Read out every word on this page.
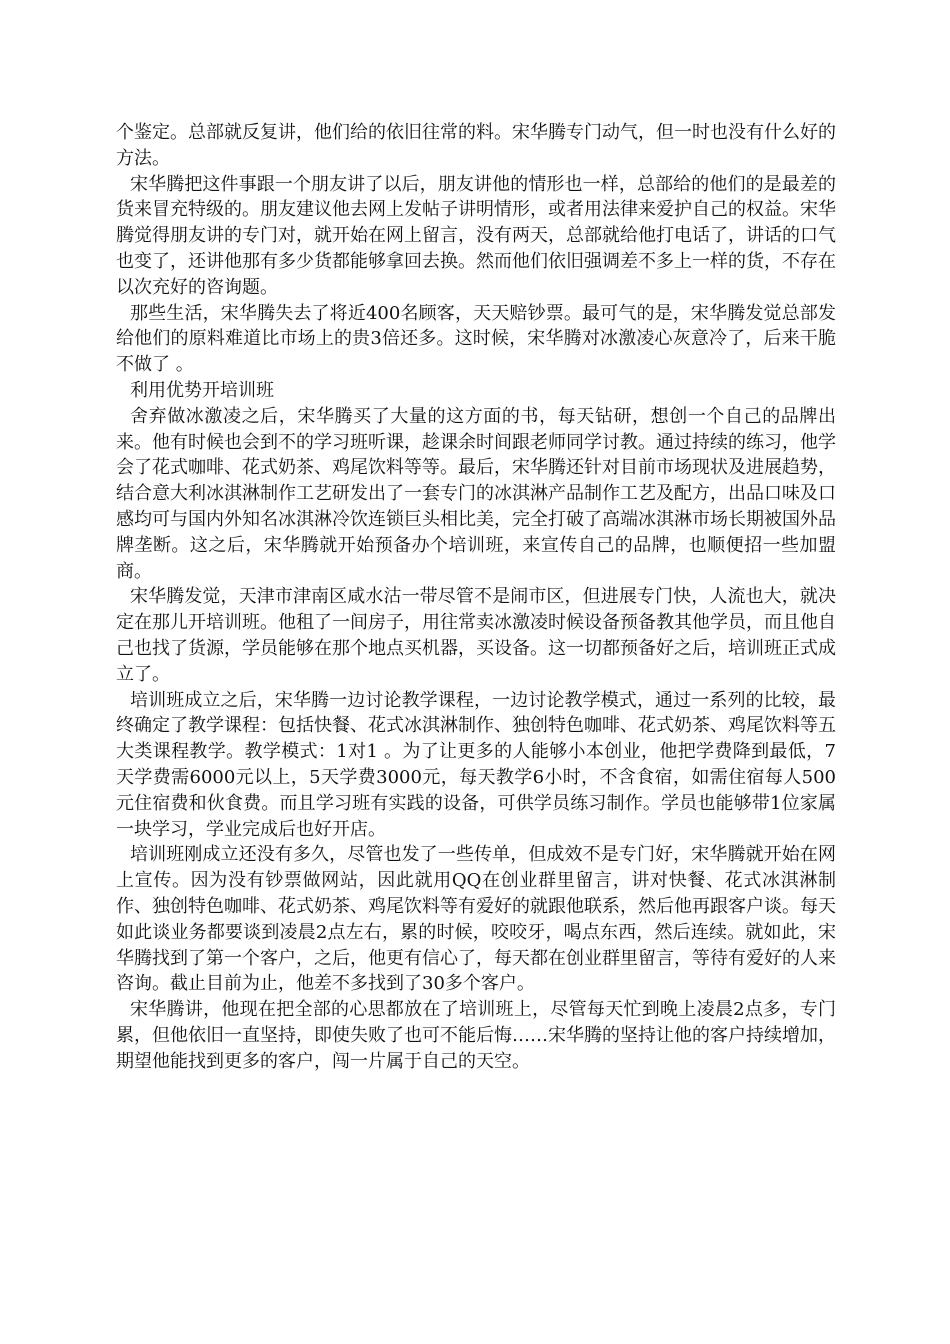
个鉴定。总部就反复讲，他们给的依旧往常的料。宋华腾专门动气，但一时也没有什么好的方法。

宋华腾把这件事跟一个朋友讲了以后，朋友讲他的情形也一样，总部给的他们的是最差的货来冒充特级的。朋友建议他去网上发帖子讲明情形，或者用法律来爱护自己的权益。宋华腾觉得朋友讲的专门对，就开始在网上留言，没有两天，总部就给他打电话了，讲话的口气也变了，还讲他那有多少货都能够拿回去换。然而他们依旧强调差不多上一样的货，不存在以次充好的咨询题。

那些生活，宋华腾失去了将近400名顾客，天天赔钞票。最可气的是，宋华腾发觉总部发给他们的原料难道比市场上的贵3倍还多。这时候，宋华腾对冰激凌心灰意冷了，后来干脆不做了 。

利用优势开培训班

舍弃做冰激凌之后，宋华腾买了大量的这方面的书，每天钻研，想创一个自己的品牌出来。他有时候也会到不的学习班听课，趁课余时间跟老师同学讨教。通过持续的练习，他学会了花式咖啡、花式奶茶、鸡尾饮料等等。最后，宋华腾还针对目前市场现状及进展趋势，结合意大利冰淇淋制作工艺研发出了一套专门的冰淇淋产品制作工艺及配方，出品口味及口感均可与国内外知名冰淇淋冷饮连锁巨头相比美，完全打破了高端冰淇淋市场长期被国外品牌垄断。这之后，宋华腾就开始预备办个培训班，来宣传自己的品牌，也顺便招一些加盟商。

宋华腾发觉，天津市津南区咸水沽一带尽管不是闹市区，但进展专门快，人流也大，就决定在那儿开培训班。他租了一间房子，用往常卖冰激凌时候设备预备教其他学员，而且他自己也找了货源，学员能够在那个地点买机器，买设备。这一切都预备好之后，培训班正式成立了。

培训班成立之后，宋华腾一边讨论教学课程，一边讨论教学模式，通过一系列的比较，最终确定了教学课程：包括快餐、花式冰淇淋制作、独创特色咖啡、花式奶茶、鸡尾饮料等五大类课程教学。教学模式：1对1 。为了让更多的人能够小本创业，他把学费降到最低，7天学费需6000元以上，5天学费3000元，每天教学6小时，不含食宿，如需住宿每人500元住宿费和伙食费。而且学习班有实践的设备，可供学员练习制作。学员也能够带1位家属一块学习，学业完成后也好开店。

培训班刚成立还没有多久，尽管也发了一些传单，但成效不是专门好，宋华腾就开始在网上宣传。因为没有钞票做网站，因此就用QQ在创业群里留言，讲对快餐、花式冰淇淋制作、独创特色咖啡、花式奶茶、鸡尾饮料等有爱好的就跟他联系，然后他再跟客户谈。每天如此谈业务都要谈到凌晨2点左右，累的时候，咬咬牙，喝点东西，然后连续。就如此，宋华腾找到了第一个客户，之后，他更有信心了，每天都在创业群里留言，等待有爱好的人来咨询。截止目前为止，他差不多找到了30多个客户。

宋华腾讲，他现在把全部的心思都放在了培训班上，尽管每天忙到晚上凌晨2点多，专门累，但他依旧一直坚持，即使失败了也可不能后悔……宋华腾的坚持让他的客户持续增加，期望他能找到更多的客户，闯一片属于自己的天空。
